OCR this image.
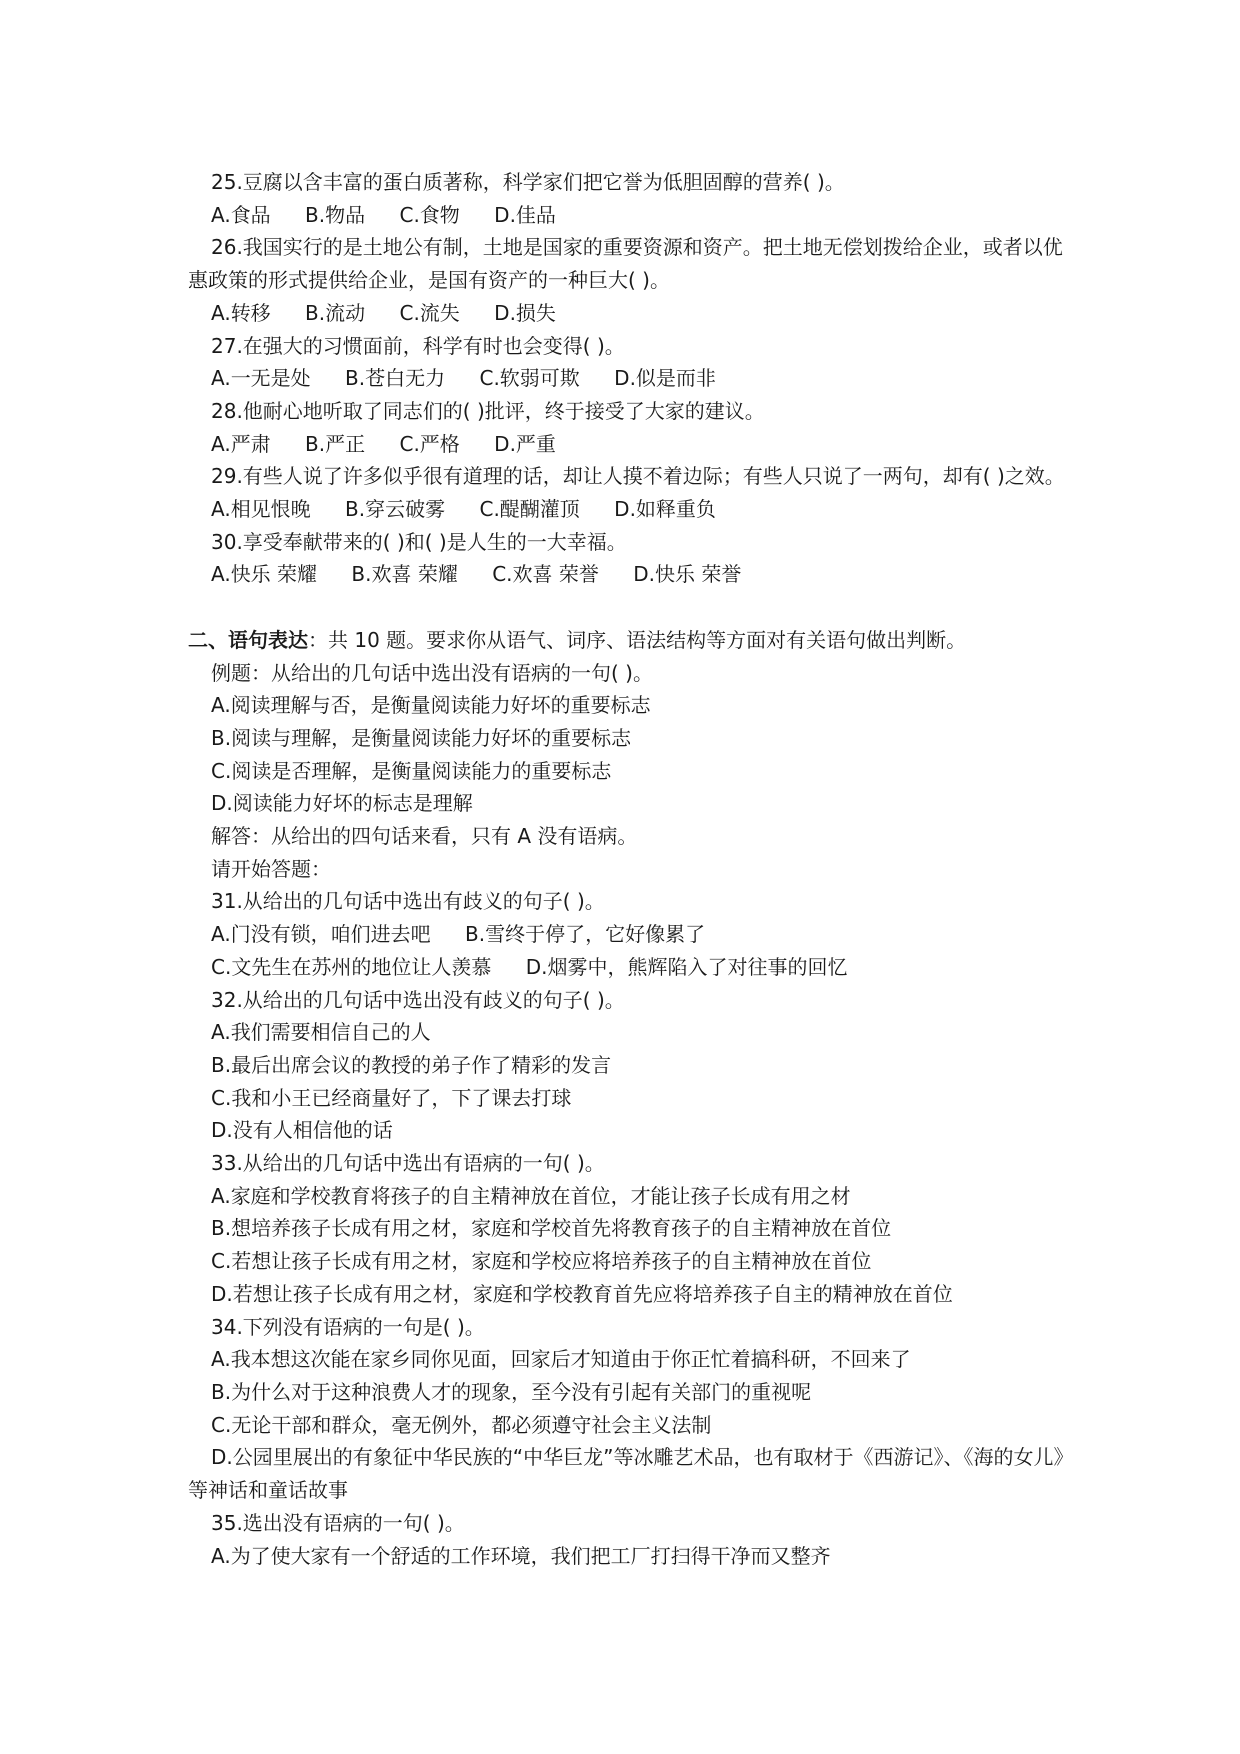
25.豆腐以含丰富的蛋白质著称，科学家们把它誉为低胆固醇的营养( )。
A.食品 B.物品 C.食物 D.佳品
26.我国实行的是土地公有制，土地是国家的重要资源和资产。把土地无偿划拨给企业，或者以优惠政策的形式提供给企业，是国有资产的一种巨大( )。
A.转移 B.流动 C.流失 D.损失
27.在强大的习惯面前，科学有时也会变得( )。
A.一无是处 B.苍白无力 C.软弱可欺 D.似是而非
28.他耐心地听取了同志们的( )批评，终于接受了大家的建议。
A.严肃 B.严正 C.严格 D.严重
29.有些人说了许多似乎很有道理的话，却让人摸不着边际；有些人只说了一两句，却有( )之效。
A.相见恨晚 B.穿云破雾 C.醍醐灌顶 D.如释重负
30.享受奉献带来的( )和( )是人生的一大幸福。
A.快乐 荣耀 B.欢喜 荣耀 C.欢喜 荣誉 D.快乐 荣誉
二、语句表达：共 10 题。要求你从语气、词序、语法结构等方面对有关语句做出判断。
例题：从给出的几句话中选出没有语病的一句( )。
A.阅读理解与否，是衡量阅读能力好坏的重要标志
B.阅读与理解，是衡量阅读能力好坏的重要标志
C.阅读是否理解，是衡量阅读能力的重要标志
D.阅读能力好坏的标志是理解
解答：从给出的四句话来看，只有 A 没有语病。
请开始答题：
31.从给出的几句话中选出有歧义的句子( )。
A.门没有锁，咱们进去吧 B.雪终于停了，它好像累了
C.文先生在苏州的地位让人羡慕 D.烟雾中，熊辉陷入了对往事的回忆
32.从给出的几句话中选出没有歧义的句子( )。
A.我们需要相信自己的人
B.最后出席会议的教授的弟子作了精彩的发言
C.我和小王已经商量好了，下了课去打球
D.没有人相信他的话
33.从给出的几句话中选出有语病的一句( )。
A.家庭和学校教育将孩子的自主精神放在首位，才能让孩子长成有用之材
B.想培养孩子长成有用之材，家庭和学校首先将教育孩子的自主精神放在首位
C.若想让孩子长成有用之材，家庭和学校应将培养孩子的自主精神放在首位
D.若想让孩子长成有用之材，家庭和学校教育首先应将培养孩子自主的精神放在首位
34.下列没有语病的一句是( )。
A.我本想这次能在家乡同你见面，回家后才知道由于你正忙着搞科研，不回来了
B.为什么对于这种浪费人才的现象，至今没有引起有关部门的重视呢
C.无论干部和群众，毫无例外，都必须遵守社会主义法制
D.公园里展出的有象征中华民族的“中华巨龙”等冰雕艺术品，也有取材于《西游记》、《海的女儿》等神话和童话故事
35.选出没有语病的一句( )。
A.为了使大家有一个舒适的工作环境，我们把工厂打扫得干净而又整齐
